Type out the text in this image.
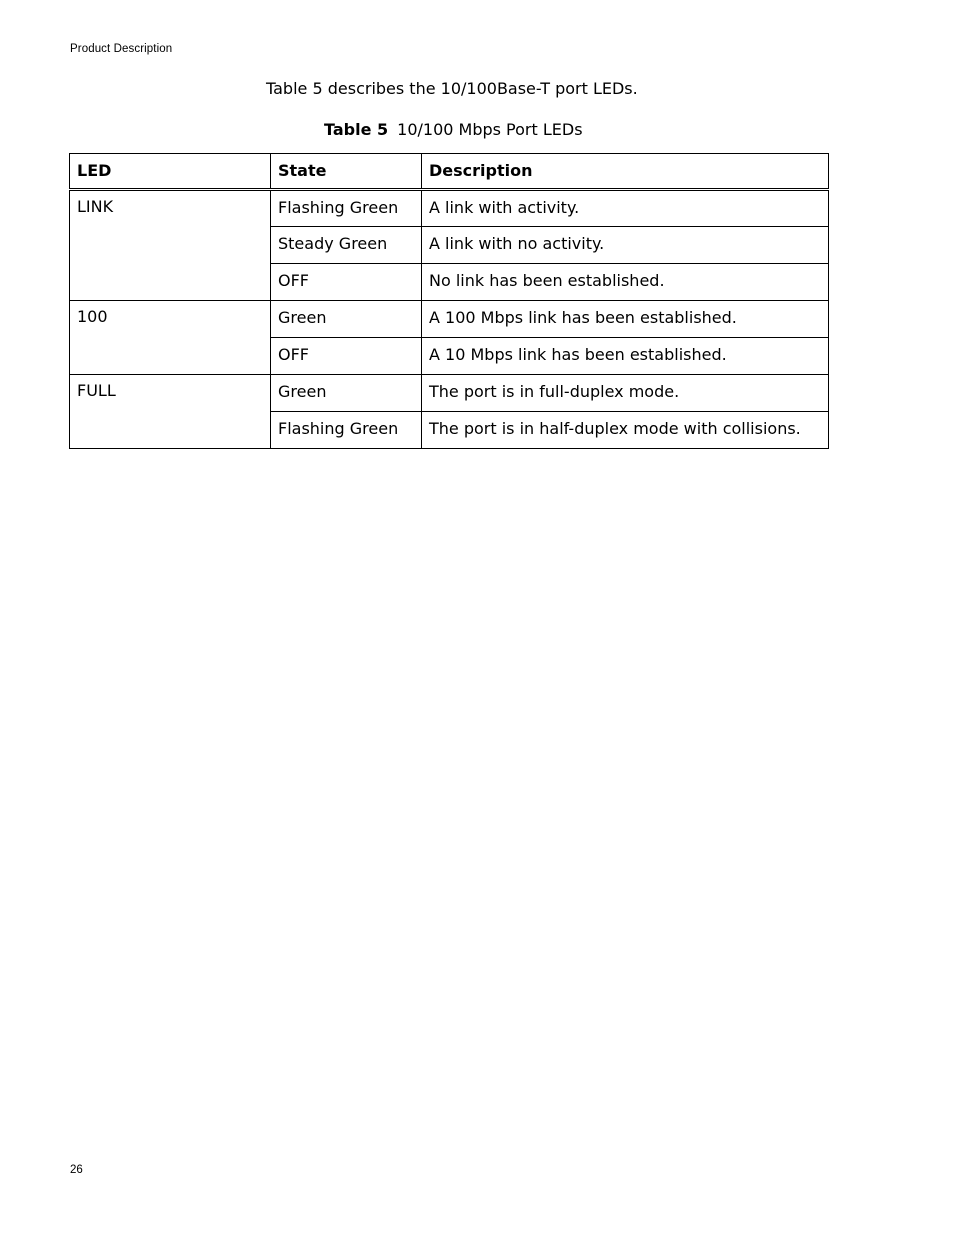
Product Description
Table 5 describes the 10/100Base-T port LEDs.
Table 5 10/100 Mbps Port LEDs
LED	State	Description
LINK	Flashing Green	A link with activity.
	Steady Green	A link with no activity.
	OFF	No link has been established.
100	Green	A 100 Mbps link has been established.
	OFF	A 10 Mbps link has been established.
FULL	Green	The port is in full-duplex mode.
	Flashing Green	The port is in half-duplex mode with collisions.
26
